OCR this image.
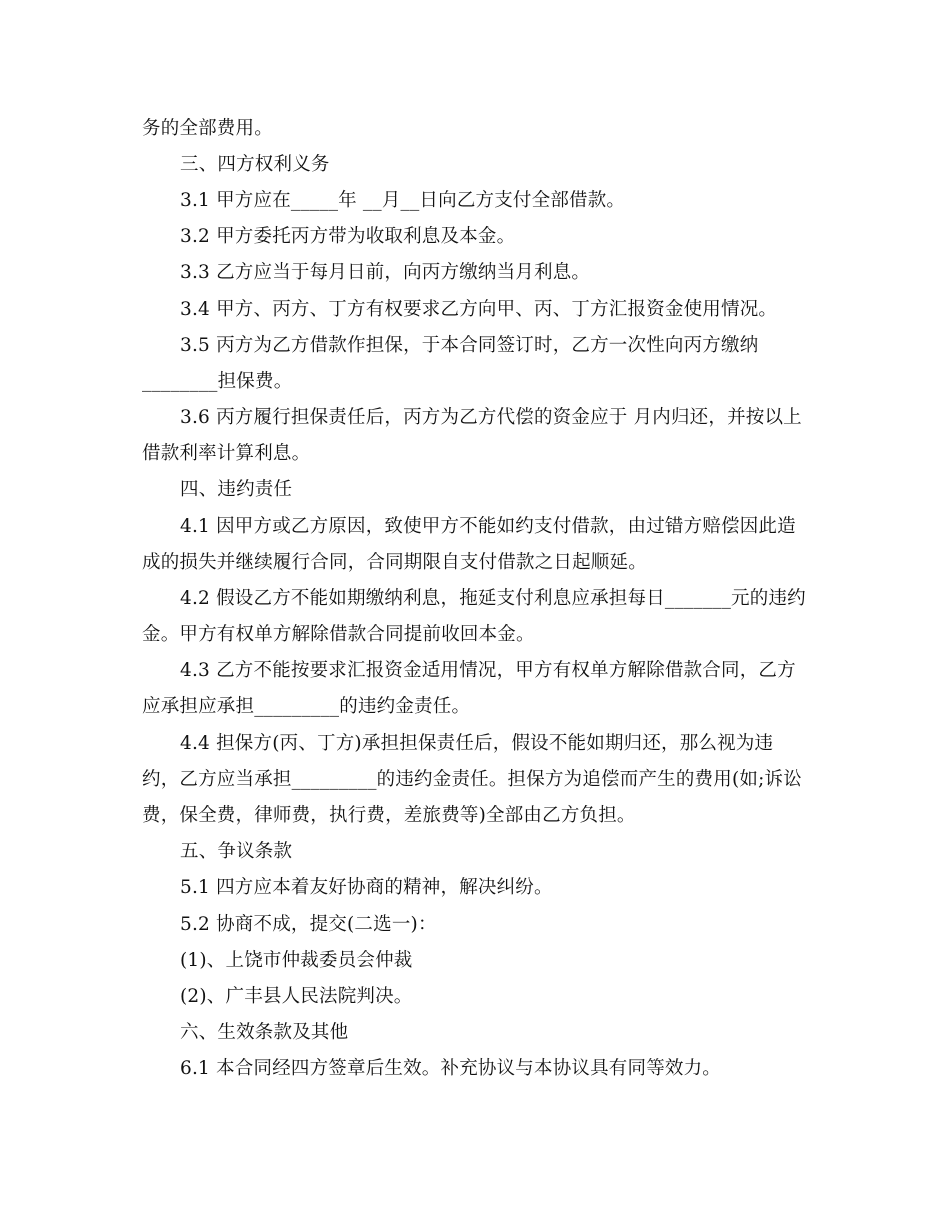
务的全部费用。
三、四方权利义务
3.1 甲方应在_____年 __月__日向乙方支付全部借款。
3.2 甲方委托丙方带为收取利息及本金。
3.3 乙方应当于每月日前，向丙方缴纳当月利息。
3.4 甲方、丙方、丁方有权要求乙方向甲、丙、丁方汇报资金使用情况。
3.5 丙方为乙方借款作担保，于本合同签订时，乙方一次性向丙方缴纳
________担保费。
3.6 丙方履行担保责任后，丙方为乙方代偿的资金应于 月内归还，并按以上
借款利率计算利息。
四、违约责任
4.1 因甲方或乙方原因，致使甲方不能如约支付借款，由过错方赔偿因此造
成的损失并继续履行合同，合同期限自支付借款之日起顺延。
4.2 假设乙方不能如期缴纳利息，拖延支付利息应承担每日_______元的违约
金。甲方有权单方解除借款合同提前收回本金。
4.3 乙方不能按要求汇报资金适用情况，甲方有权单方解除借款合同，乙方
应承担应承担_________的违约金责任。
4.4 担保方(丙、丁方)承担担保责任后，假设不能如期归还，那么视为违
约，乙方应当承担_________的违约金责任。担保方为追偿而产生的费用(如;诉讼
费，保全费，律师费，执行费，差旅费等)全部由乙方负担。
五、争议条款
5.1 四方应本着友好协商的精神，解决纠纷。
5.2 协商不成，提交(二选一)：
(1)、上饶市仲裁委员会仲裁
(2)、广丰县人民法院判决。
六、生效条款及其他
6.1 本合同经四方签章后生效。补充协议与本协议具有同等效力。
